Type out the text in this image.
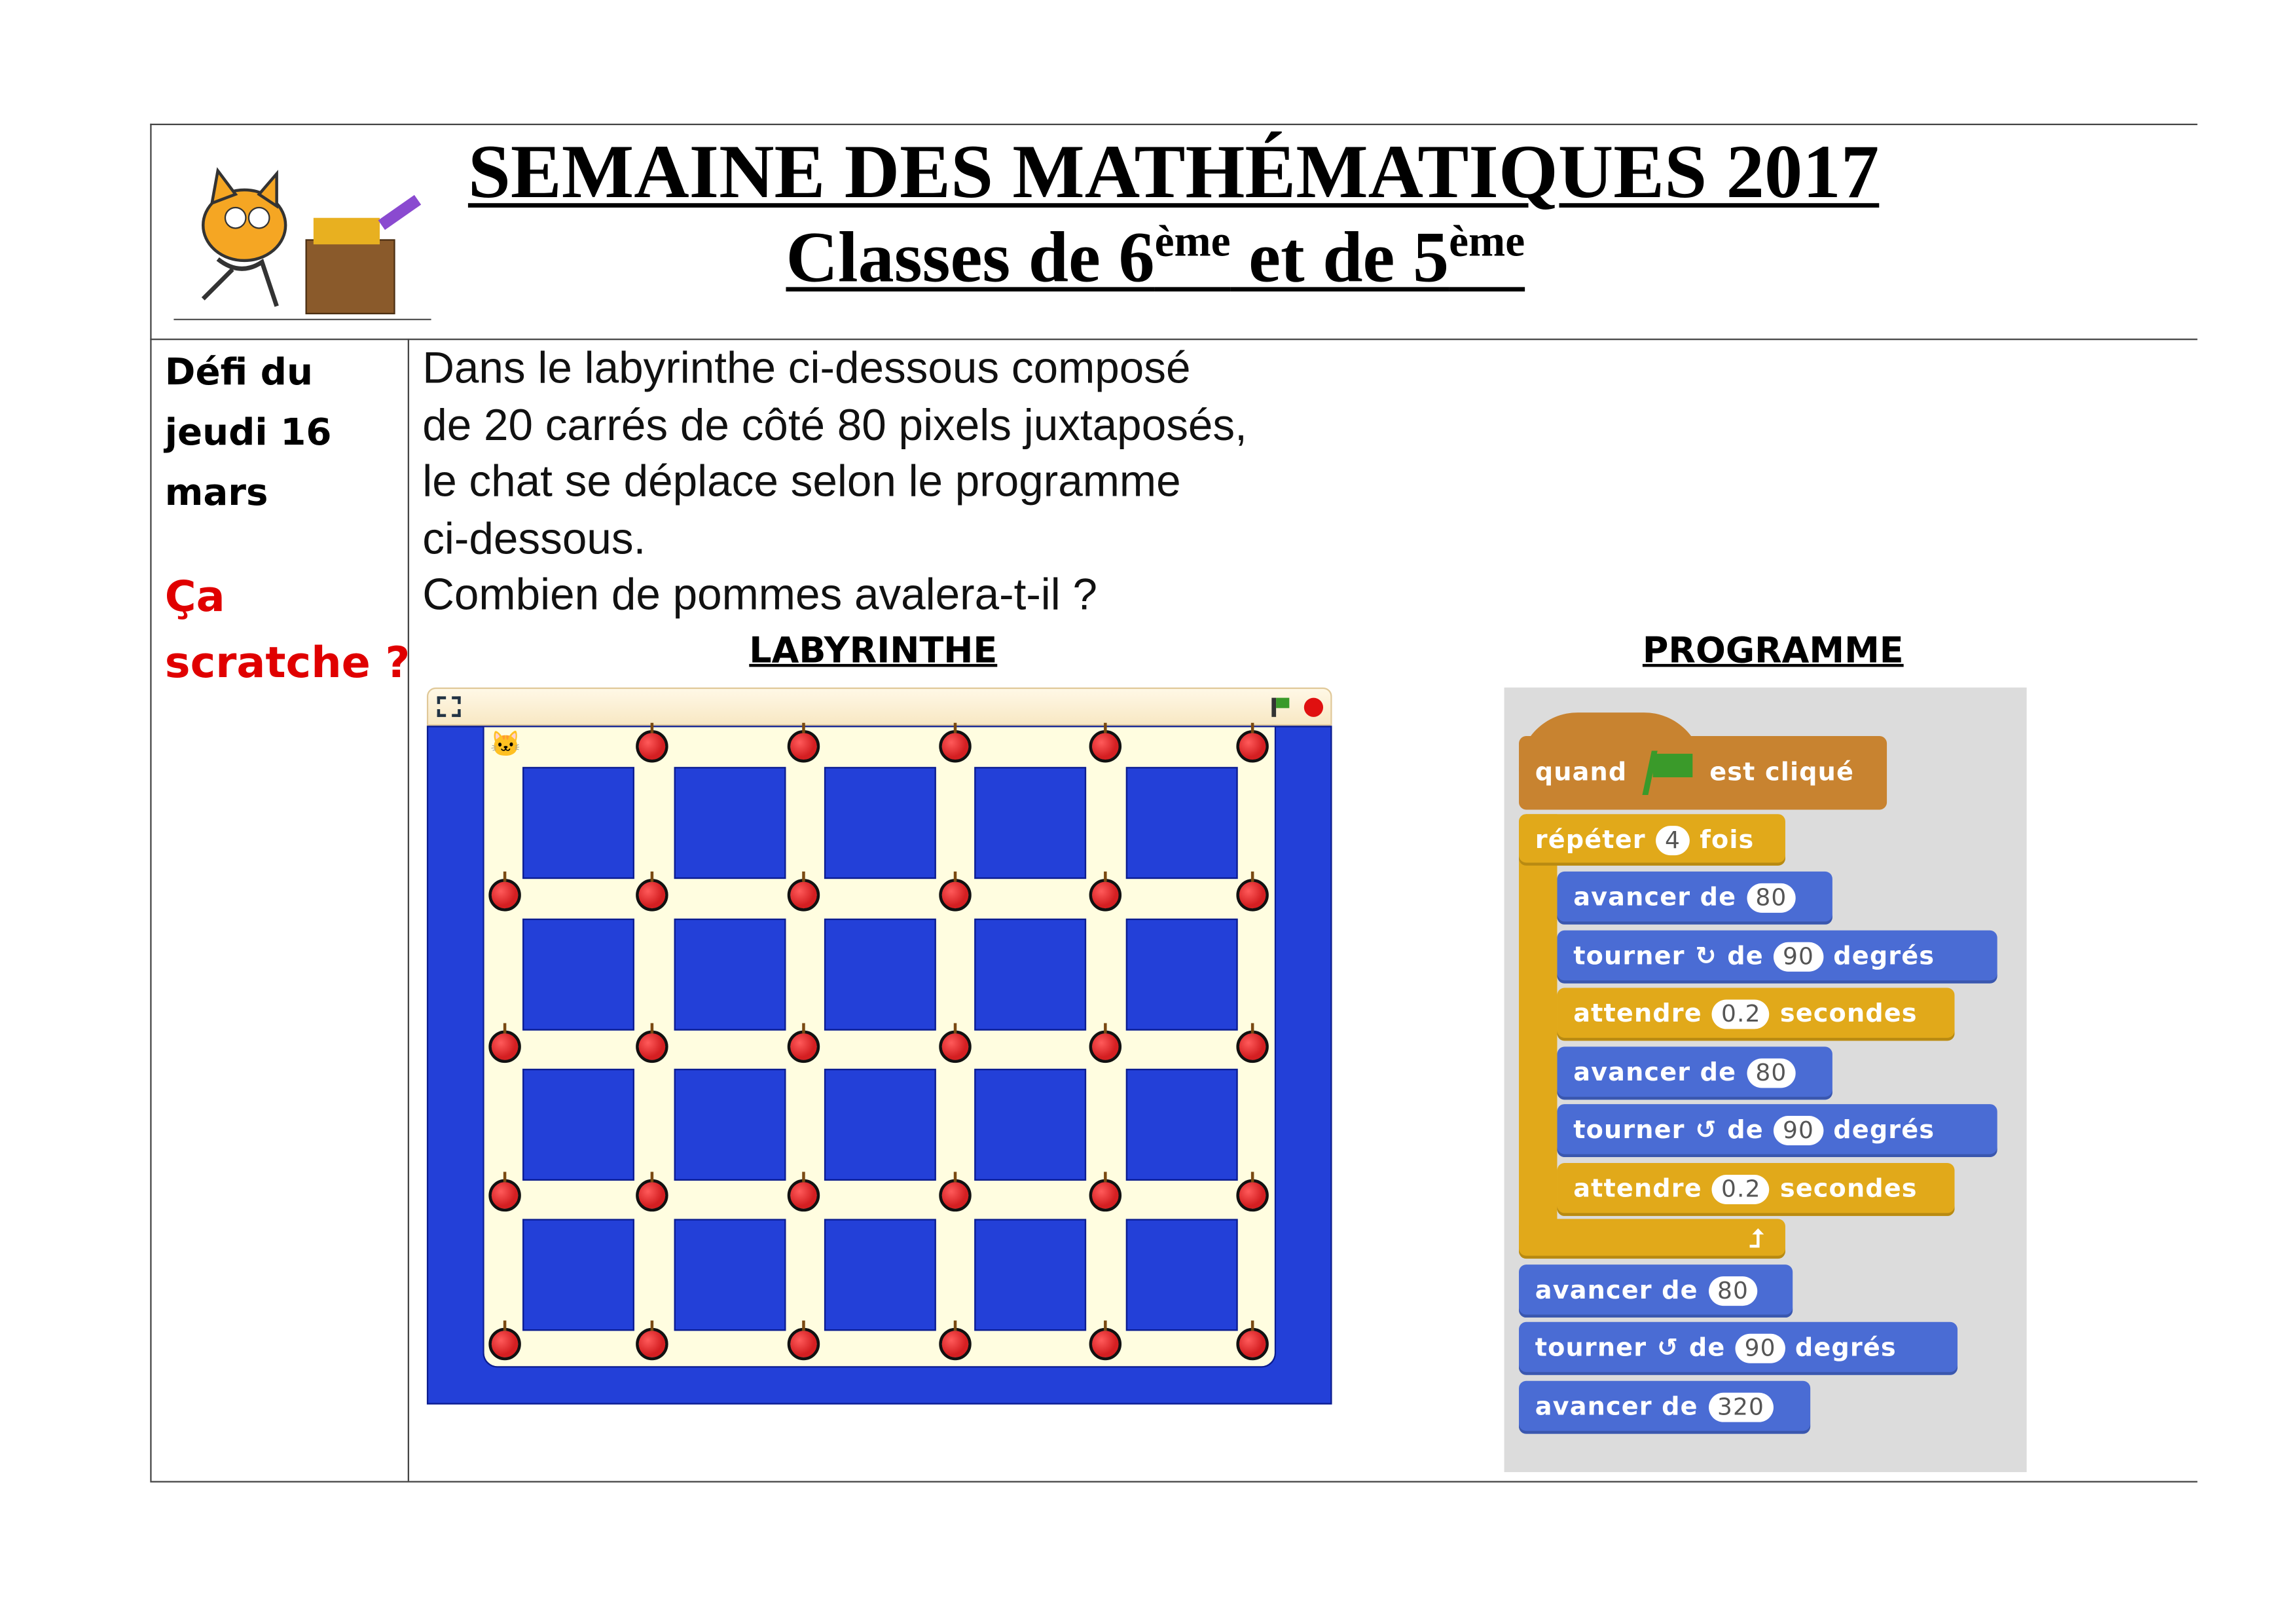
SEMAINE DES MATHÉMATIQUES 2017
Classes de 6ème et de 5ème
Défi du
jeudi 16
mars
Ça
scratche ?
Dans le labyrinthe ci-dessous composé
de 20 carrés de côté 80 pixels juxtaposés,
le chat se déplace selon le programme
ci-dessous.
Combien de pommes avalera-t-il ?
LABYRINTHE	PROGRAMME
🐱
quand	est cliqué
répéter	4	fois
⮥
avancer de	80
tourner ↻ de	90	degrés
attendre	0.2	secondes
avancer de	80
tourner ↺ de	90	degrés
attendre	0.2	secondes
avancer de	80
tourner ↺ de	90	degrés
avancer de	320
